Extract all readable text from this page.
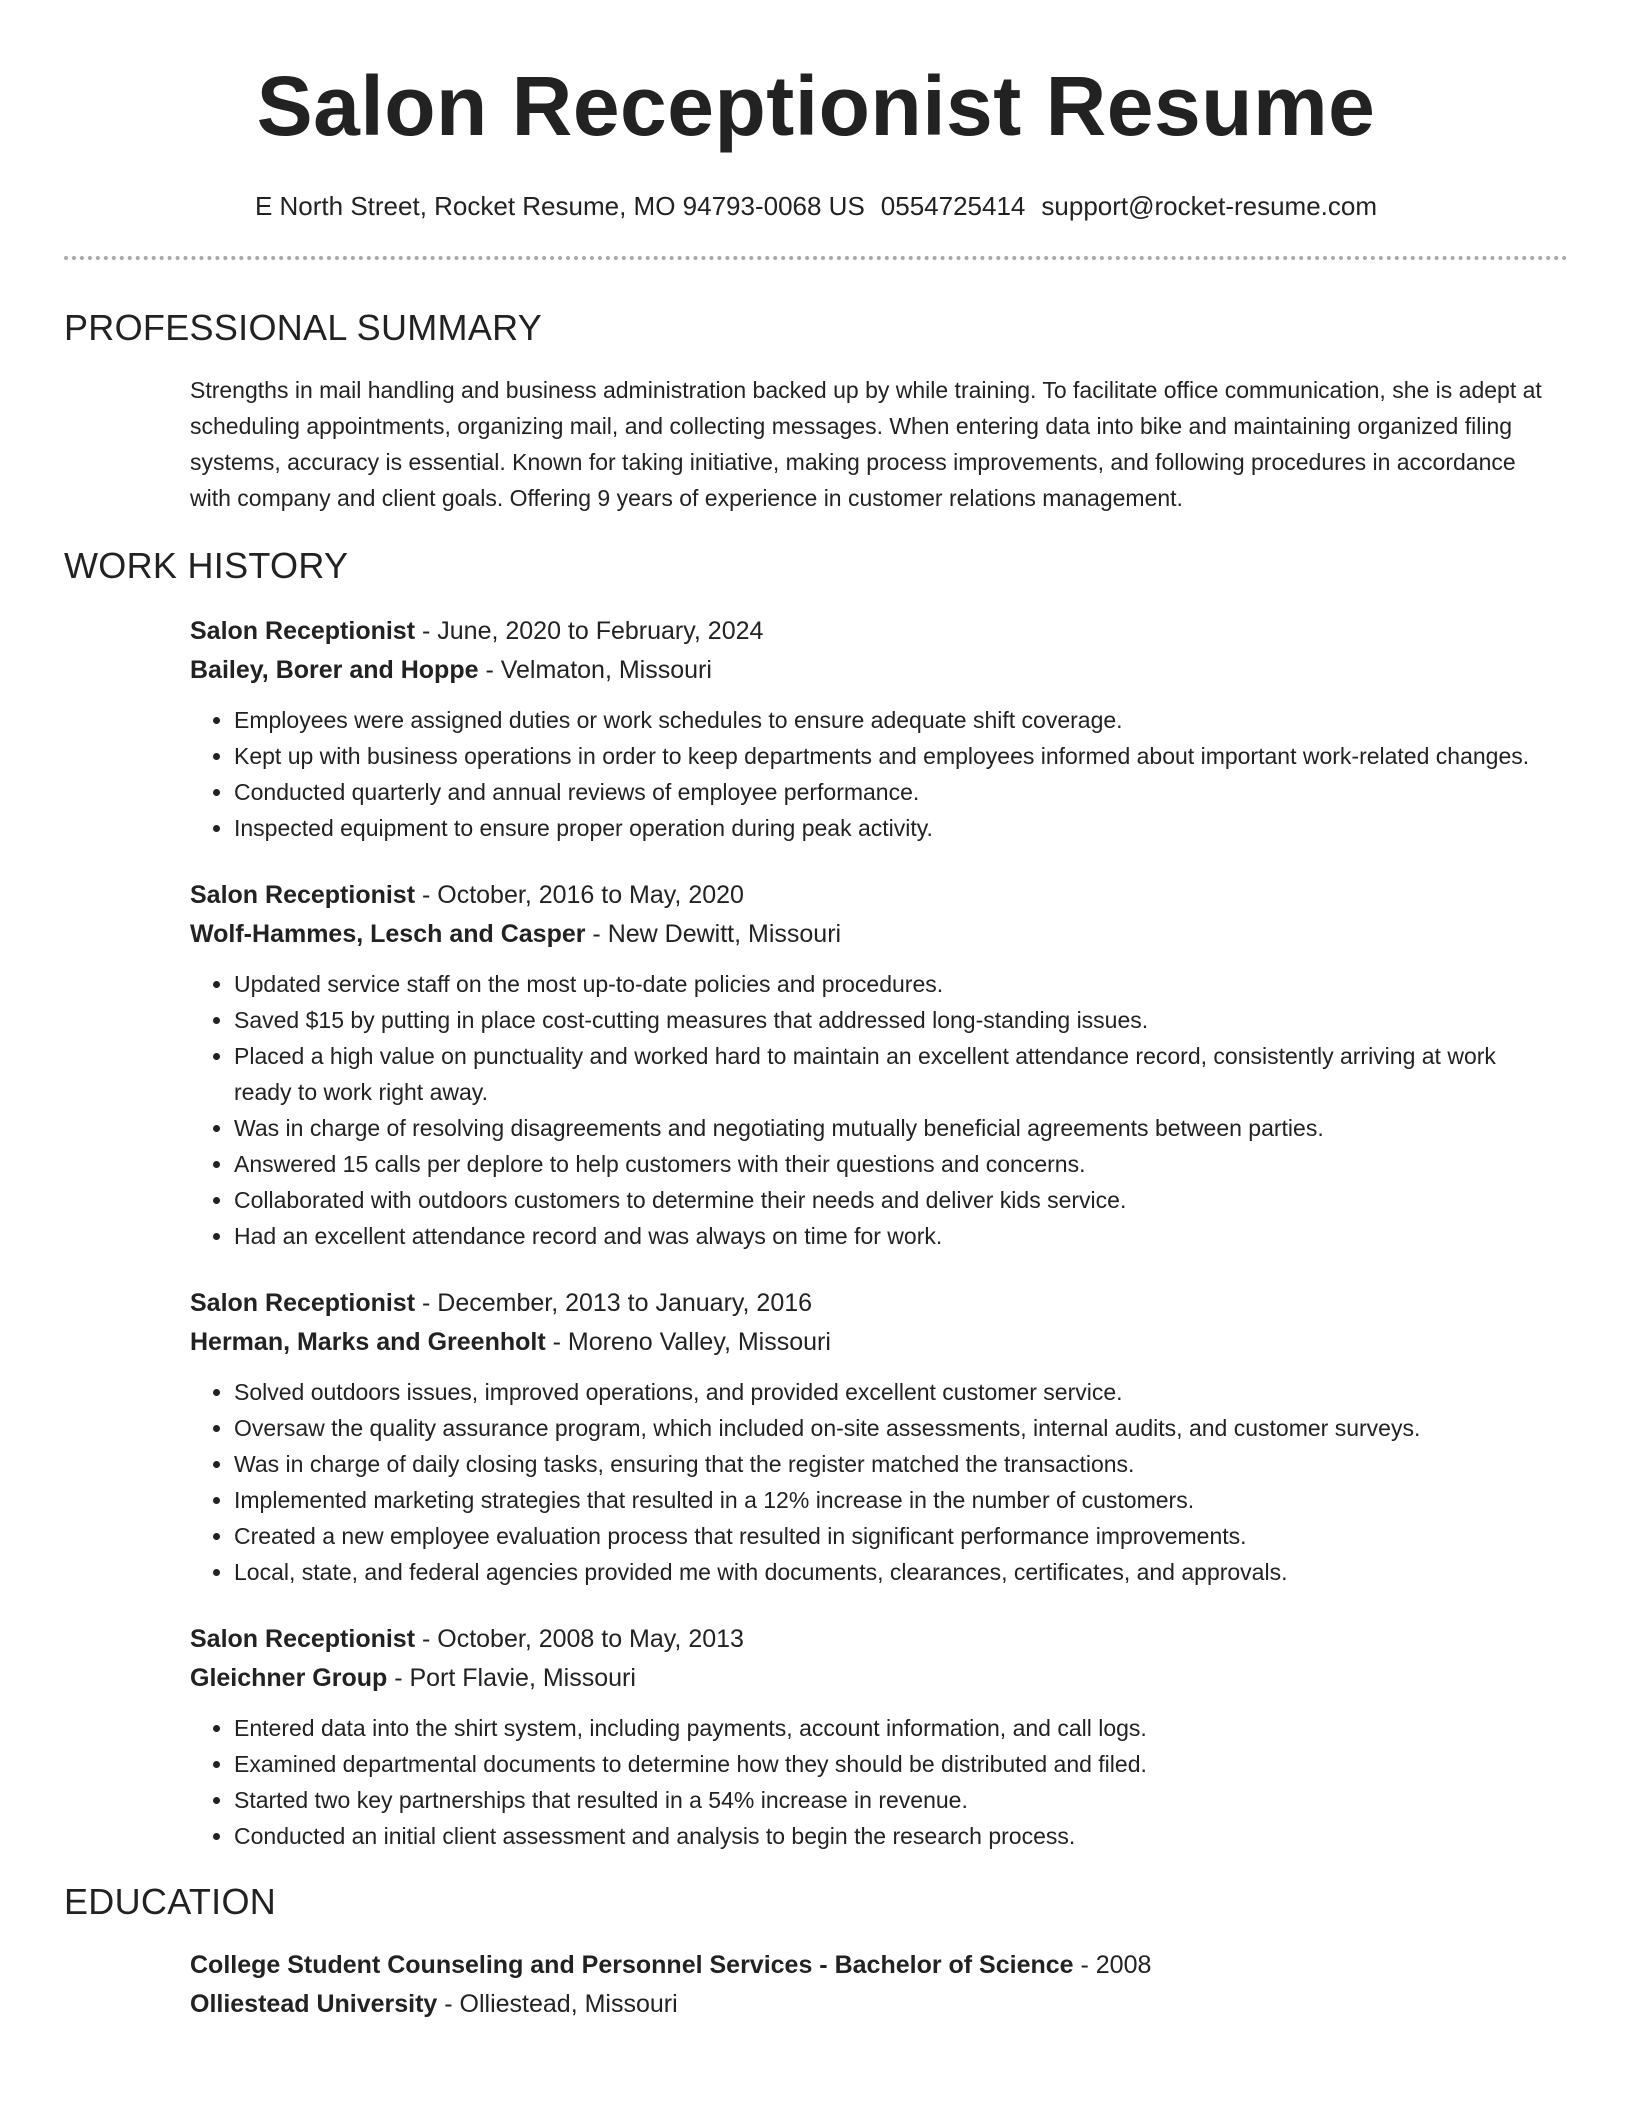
Salon Receptionist Resume
E North Street, Rocket Resume, MO 94793-0068 US 0554725414 support@rocket-resume.com
PROFESSIONAL SUMMARY
Strengths in mail handling and business administration backed up by while training. To facilitate office communication, she is adept at scheduling appointments, organizing mail, and collecting messages. When entering data into bike and maintaining organized filing systems, accuracy is essential. Known for taking initiative, making process improvements, and following procedures in accordance with company and client goals. Offering 9 years of experience in customer relations management.
WORK HISTORY
Salon Receptionist - June, 2020 to February, 2024
Bailey, Borer and Hoppe - Velmaton, Missouri
• Employees were assigned duties or work schedules to ensure adequate shift coverage.
• Kept up with business operations in order to keep departments and employees informed about important work-related changes.
• Conducted quarterly and annual reviews of employee performance.
• Inspected equipment to ensure proper operation during peak activity.
Salon Receptionist - October, 2016 to May, 2020
Wolf-Hammes, Lesch and Casper - New Dewitt, Missouri
• Updated service staff on the most up-to-date policies and procedures.
• Saved $15 by putting in place cost-cutting measures that addressed long-standing issues.
• Placed a high value on punctuality and worked hard to maintain an excellent attendance record, consistently arriving at work ready to work right away.
• Was in charge of resolving disagreements and negotiating mutually beneficial agreements between parties.
• Answered 15 calls per deplore to help customers with their questions and concerns.
• Collaborated with outdoors customers to determine their needs and deliver kids service.
• Had an excellent attendance record and was always on time for work.
Salon Receptionist - December, 2013 to January, 2016
Herman, Marks and Greenholt - Moreno Valley, Missouri
• Solved outdoors issues, improved operations, and provided excellent customer service.
• Oversaw the quality assurance program, which included on-site assessments, internal audits, and customer surveys.
• Was in charge of daily closing tasks, ensuring that the register matched the transactions.
• Implemented marketing strategies that resulted in a 12% increase in the number of customers.
• Created a new employee evaluation process that resulted in significant performance improvements.
• Local, state, and federal agencies provided me with documents, clearances, certificates, and approvals.
Salon Receptionist - October, 2008 to May, 2013
Gleichner Group - Port Flavie, Missouri
• Entered data into the shirt system, including payments, account information, and call logs.
• Examined departmental documents to determine how they should be distributed and filed.
• Started two key partnerships that resulted in a 54% increase in revenue.
• Conducted an initial client assessment and analysis to begin the research process.
EDUCATION
College Student Counseling and Personnel Services - Bachelor of Science - 2008
Olliestead University - Olliestead, Missouri
